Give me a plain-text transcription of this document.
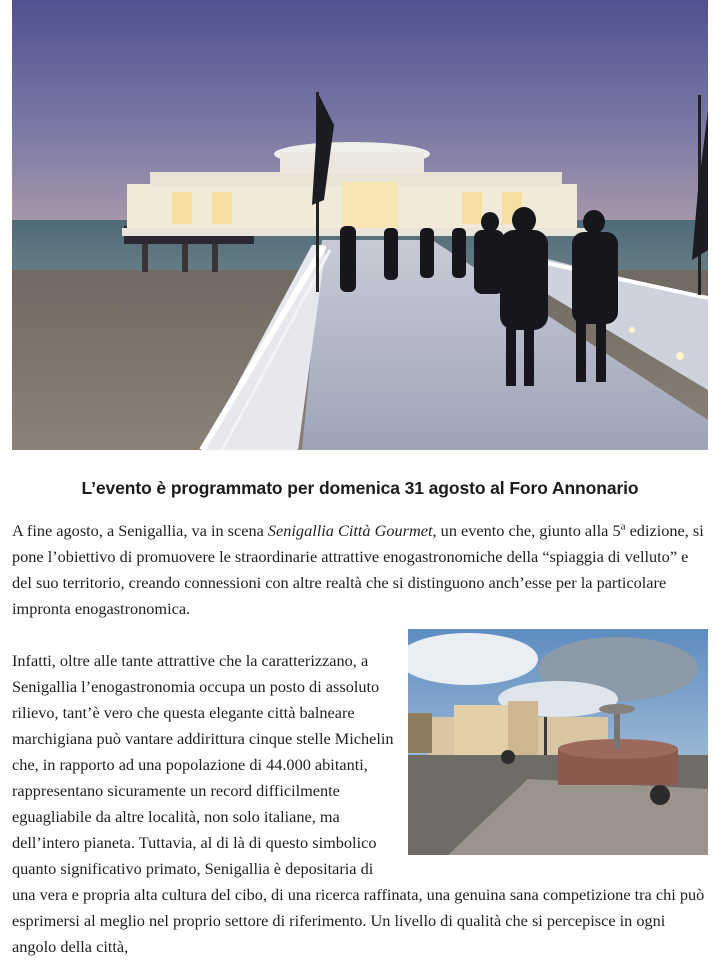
L’evento è programmato per domenica 31 agosto al Foro Annonario

A fine agosto, a Senigallia, va in scena Senigallia Città Gourmet, un evento che, giunto alla 5$^a$ edizione, si pone l’obiettivo di promuovere le straordinarie attrattive enogastronomiche della “spiaggia di velluto” e del suo territorio, creando connessioni con altre realtà che si distinguono anch’esse per la particolare impronta enogastronomica.

Infatti, oltre alle tante attrattive che la caratterizzano, a Senigallia l’enogastronomia occupa un posto di assoluto rilievo, tant’è vero che questa elegante città balneare marchigiana può vantare addirittura cinque stelle Michelin che, in rapporto ad una popolazione di 44.000 abitanti, rappresentano sicuramente un record difficilmente eguagliabile da altre località, non solo italiane, ma dell’intero pianeta. Tuttavia, al di là di questo simbolico quanto significativo primato, Senigallia è depositaria di una vera e propria alta cultura del cibo, di una ricerca raffinata, una genuina sana competizione tra chi può esprimersi al meglio nel proprio settore di riferimento. Un livello di qualità che si percepisce in ogni angolo della città,
